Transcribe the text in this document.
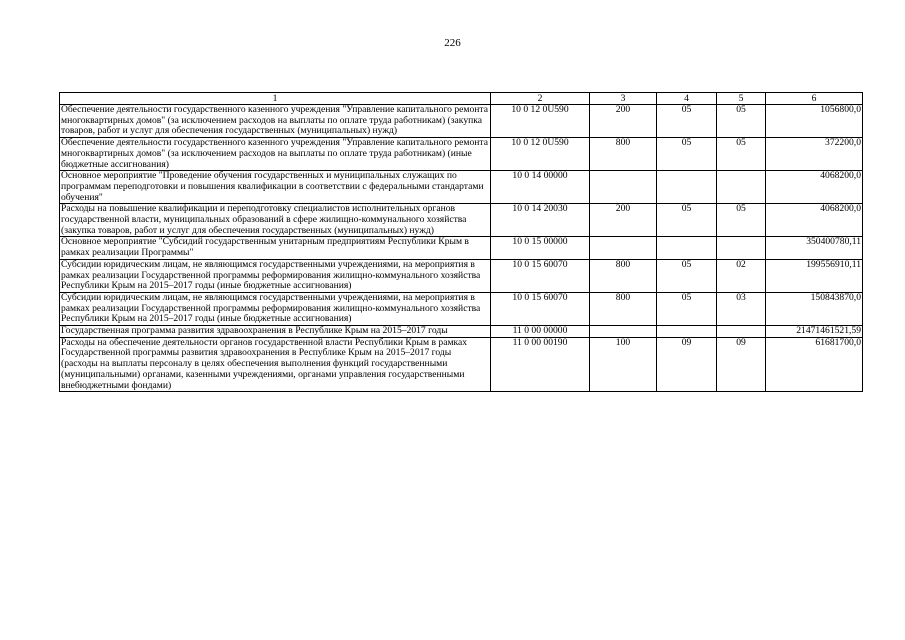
226
1	2	3	4	5	6
Обеспечение деятельности государственного казенного учреждения "Управление капитального ремонта многоквартирных домов" (за исключением расходов на выплаты по оплате труда работникам) (закупка товаров, работ и услуг для обеспечения государственных (муниципальных) нужд)	10 0 12 0U590	200	05	05	1056800,0
Обеспечение деятельности государственного казенного учреждения "Управление капитального ремонта многоквартирных домов" (за исключением расходов на выплаты по оплате труда работникам) (иные бюджетные ассигнования)	10 0 12 0U590	800	05	05	372200,0
Основное мероприятие "Проведение обучения государственных и муниципальных служащих по программам переподготовки и повышения квалификации в соответствии с федеральными стандартами обучения"	10 0 14 00000				4068200,0
Расходы на повышение квалификации и переподготовку специалистов исполнительных органов государственной власти, муниципальных образований в сфере жилищно-коммунального хозяйства (закупка товаров, работ и услуг для обеспечения государственных (муниципальных) нужд)	10 0 14 20030	200	05	05	4068200,0
Основное мероприятие "Субсидий государственным унитарным предприятиям Республики Крым в рамках реализации Программы"	10 0 15 00000				350400780,11
Субсидии юридическим лицам, не являющимся государственными учреждениями, на мероприятия в рамках реализации Государственной программы реформирования жилищно-коммунального хозяйства Республики Крым на 2015–2017 годы (иные бюджетные ассигнования)	10 0 15 60070	800	05	02	199556910,11
Субсидии юридическим лицам, не являющимся государственными учреждениями, на мероприятия в рамках реализации Государственной программы реформирования жилищно-коммунального хозяйства Республики Крым на 2015–2017 годы (иные бюджетные ассигнования)	10 0 15 60070	800	05	03	150843870,0
Государственная программа развития здравоохранения в Республике Крым на 2015–2017 годы	11 0 00 00000				21471461521,59
Расходы на обеспечение деятельности органов государственной власти Республики Крым в рамках Государственной программы развития здравоохранения в Республике Крым на 2015–2017 годы (расходы на выплаты персоналу в целях обеспечения выполнения функций государственными (муниципальными) органами, казенными учреждениями, органами управления государственными внебюджетными фондами)	11 0 00 00190	100	09	09	61681700,0
